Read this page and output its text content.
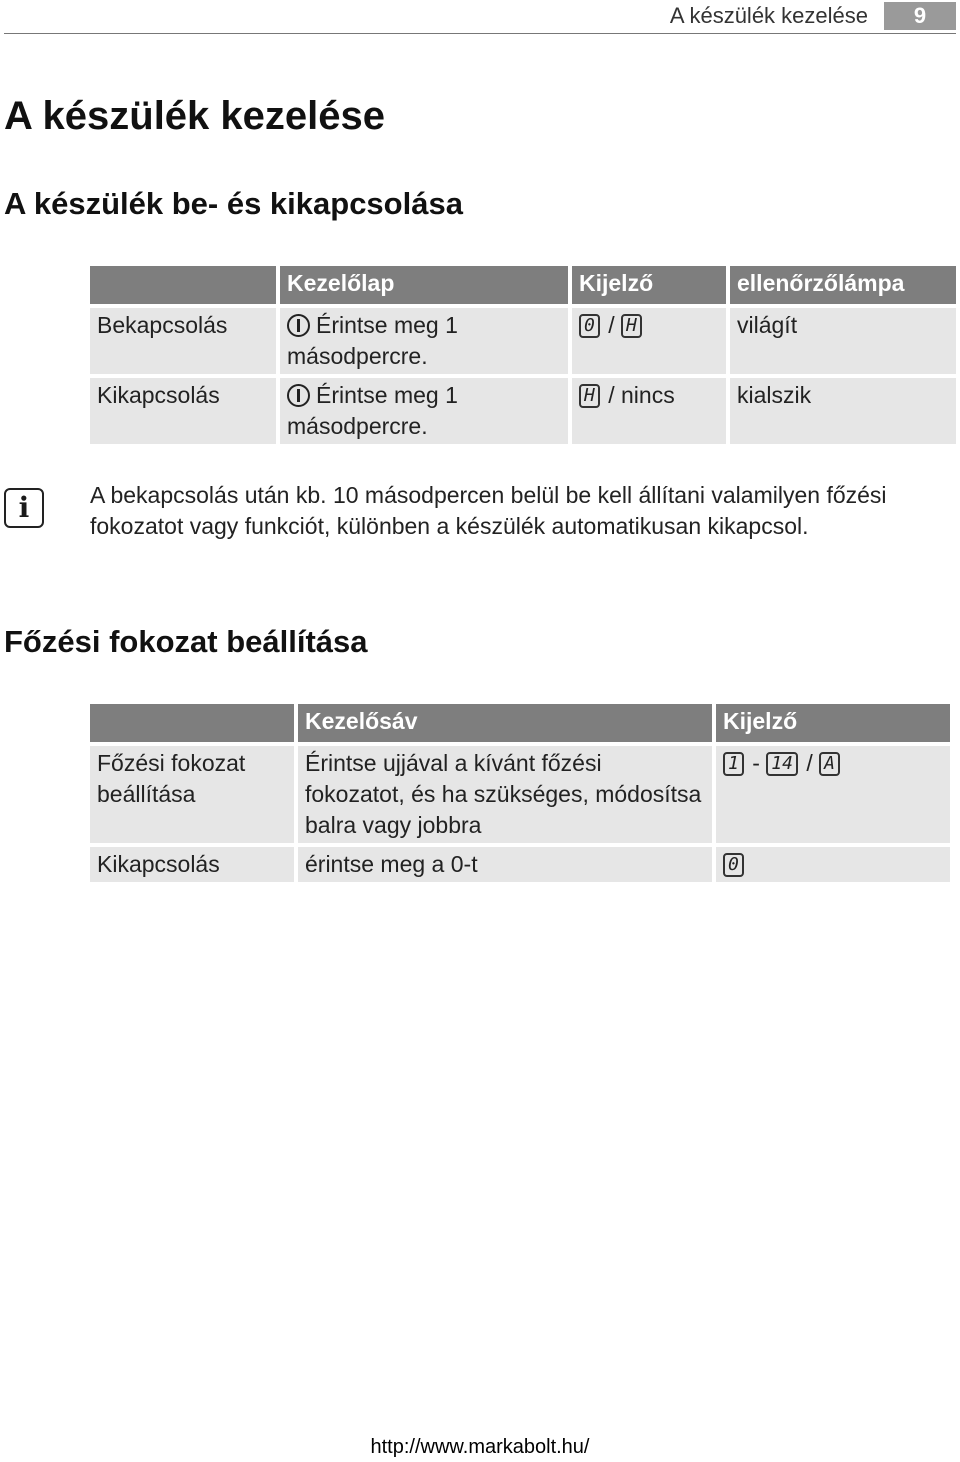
A készülék kezelése	9
A készülék kezelése
A készülék be- és kikapcsolása
	Kezelőlap	Kijelző	ellenőrzőlámpa
Bekapcsolás	Érintse meg 1 másodpercre.	0 / H	világít
Kikapcsolás	Érintse meg 1 másodpercre.	H / nincs	kialszik
i	A bekapcsolás után kb. 10 másodpercen belül be kell állítani valamilyen főzési fokozatot vagy funkciót, különben a készülék automatikusan kikapcsol.

Főzési fokozat beállítása
	Kezelősáv	Kijelző
Főzési fokozat beállítása	Érintse ujjával a kívánt főzési fokozatot, és ha szükséges, módosítsa balra vagy jobbra	1 - 14 / A
Kikapcsolás	érintse meg a 0-t	0
http://www.markabolt.hu/
